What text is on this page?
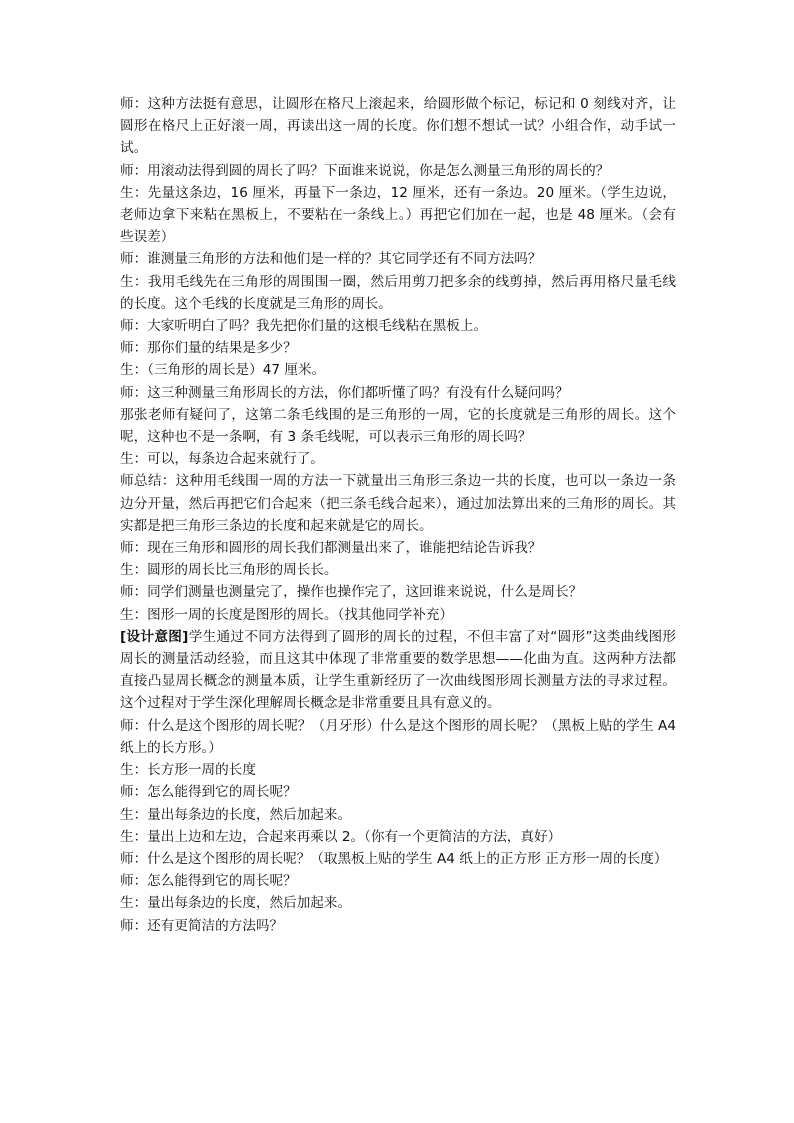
师：这种方法挺有意思，让圆形在格尺上滚起来，给圆形做个标记，标记和 0 刻线对齐，让圆形在格尺上正好滚一周，再读出这一周的长度。你们想不想试一试？小组合作，动手试一试。

师：用滚动法得到圆的周长了吗？下面谁来说说，你是怎么测量三角形的周长的？

生：先量这条边，16 厘米，再量下一条边，12 厘米，还有一条边。20 厘米。（学生边说，老师边拿下来粘在黑板上，不要粘在一条线上。）再把它们加在一起，也是 48 厘米。（会有些误差）

师：谁测量三角形的方法和他们是一样的？其它同学还有不同方法吗？

生：我用毛线先在三角形的周围围一圈，然后用剪刀把多余的线剪掉，然后再用格尺量毛线的长度。这个毛线的长度就是三角形的周长。

师：大家听明白了吗？我先把你们量的这根毛线粘在黑板上。

师：那你们量的结果是多少？

生：（三角形的周长是）47 厘米。

师：这三种测量三角形周长的方法，你们都听懂了吗？有没有什么疑问吗？

那张老师有疑问了，这第二条毛线围的是三角形的一周，它的长度就是三角形的周长。这个呢，这种也不是一条啊，有 3 条毛线呢，可以表示三角形的周长吗？

生：可以，每条边合起来就行了。

师总结：这种用毛线围一周的方法一下就量出三角形三条边一共的长度，也可以一条边一条边分开量，然后再把它们合起来（把三条毛线合起来），通过加法算出来的三角形的周长。其实都是把三角形三条边的长度和起来就是它的周长。

师：现在三角形和圆形的周长我们都测量出来了，谁能把结论告诉我？

生：圆形的周长比三角形的周长长。

师：同学们测量也测量完了，操作也操作完了，这回谁来说说，什么是周长？

生：图形一周的长度是图形的周长。（找其他同学补充）

[设计意图]学生通过不同方法得到了圆形的周长的过程，不但丰富了对“圆形”这类曲线图形周长的测量活动经验，而且这其中体现了非常重要的数学思想——化曲为直。这两种方法都直接凸显周长概念的测量本质，让学生重新经历了一次曲线图形周长测量方法的寻求过程。这个过程对于学生深化理解周长概念是非常重要且具有意义的。

师：什么是这个图形的周长呢？（月牙形）什么是这个图形的周长呢？（黑板上贴的学生 A4 纸上的长方形。）

生：长方形一周的长度

师：怎么能得到它的周长呢？

生：量出每条边的长度，然后加起来。

生：量出上边和左边，合起来再乘以 2。（你有一个更简洁的方法，真好）

师：什么是这个图形的周长呢？（取黑板上贴的学生 A4 纸上的正方形 正方形一周的长度）

师：怎么能得到它的周长呢？

生：量出每条边的长度，然后加起来。

师：还有更简洁的方法吗？
